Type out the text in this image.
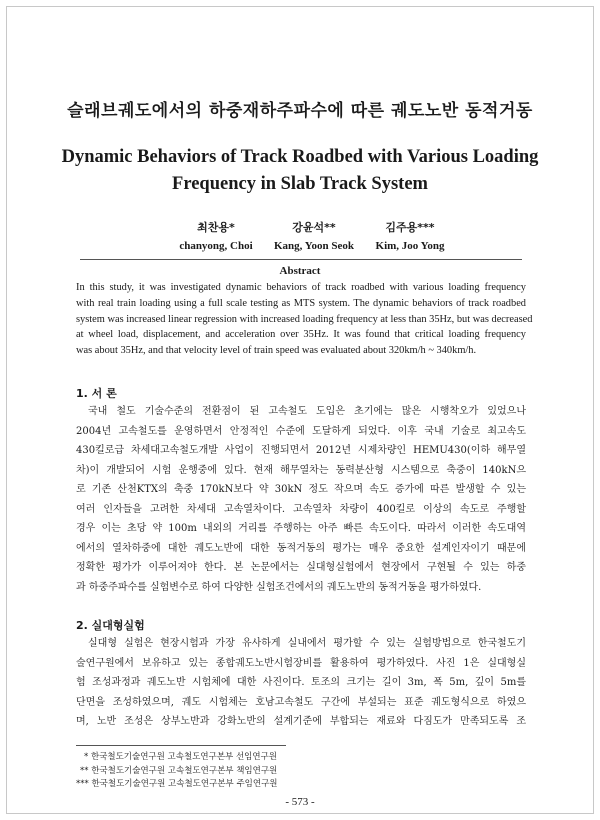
슬래브궤도에서의 하중재하주파수에 따른 궤도노반 동적거동
Dynamic Behaviors of Track Roadbed with Various Loading Frequency in Slab Track System
최찬용*
chanyong, Choi
강윤석**
Kang, Yoon Seok
김주용***
Kim, Joo Yong
Abstract
In this study, it was investigated dynamic behaviors of track roadbed with various loading frequency
with real train loading using a full scale testing as MTS system. The dynamic behaviors of track roadbed
system was increased linear regression with increased loading frequency at less than 35Hz, but was decreased
at wheel load, displacement, and acceleration over 35Hz. It was found that critical loading frequency
was about 35Hz, and that velocity level of train speed was evaluated about 320km/h ~ 340km/h.
1. 서 론
국내 철도 기술수준의 전환점이 된 고속철도 도입은 초기에는 많은 시행착오가 있었으나
2004년 고속철도를 운영하면서 안정적인 수준에 도달하게 되었다. 이후 국내 기술로 최고속도
430킬로급 차세대고속철도개발 사업이 진행되면서 2012년 시제차량인 HEMU430(이하 해무열
차)이 개발되어 시험 운행중에 있다. 현재 해무열차는 동력분산형 시스템으로 축중이 140kN으
로 기존 산천KTX의 축중 170kN보다 약 30kN 정도 작으며 속도 증가에 따른 발생할 수 있는
여러 인자들을 고려한 차세대 고속열차이다. 고속열차 차량이 400킬로 이상의 속도로 주행할
경우 이는 초당 약 100m 내외의 거리를 주행하는 아주 빠른 속도이다. 따라서 이러한 속도대역
에서의 열차하중에 대한 궤도노반에 대한 동적거동의 평가는 매우 중요한 설계인자이기 때문에
정확한 평가가 이루어져야 한다. 본 논문에서는 실대형실험에서 현장에서 구현될 수 있는 하중
과 하중주파수를 실험변수로 하여 다양한 실험조건에서의 궤도노반의 동적거동을 평가하였다.
2. 실대형실험
실대형 실험은 현장시험과 가장 유사하게 실내에서 평가할 수 있는 실험방법으로 한국철도기
술연구원에서 보유하고 있는 종합궤도노반시험장비를 활용하여 평가하였다. 사진 1은 실대형실
험 조성과정과 궤도노반 시험체에 대한 사진이다. 토조의 크기는 길이 3m, 폭 5m, 깊이 5m를
단면을 조성하였으며, 궤도 시험체는 호남고속철도 구간에 부설되는 표준 궤도형식으로 하였으
며, 노반 조성은 상부노반과 강화노반의 설계기준에 부합되는 재료와 다짐도가 만족되도록 조
* 한국철도기술연구원 고속철도연구본부 선임연구원
** 한국철도기술연구원 고속철도연구본부 책임연구원
*** 한국철도기술연구원 고속철도연구본부 주임연구원
- 573 -
